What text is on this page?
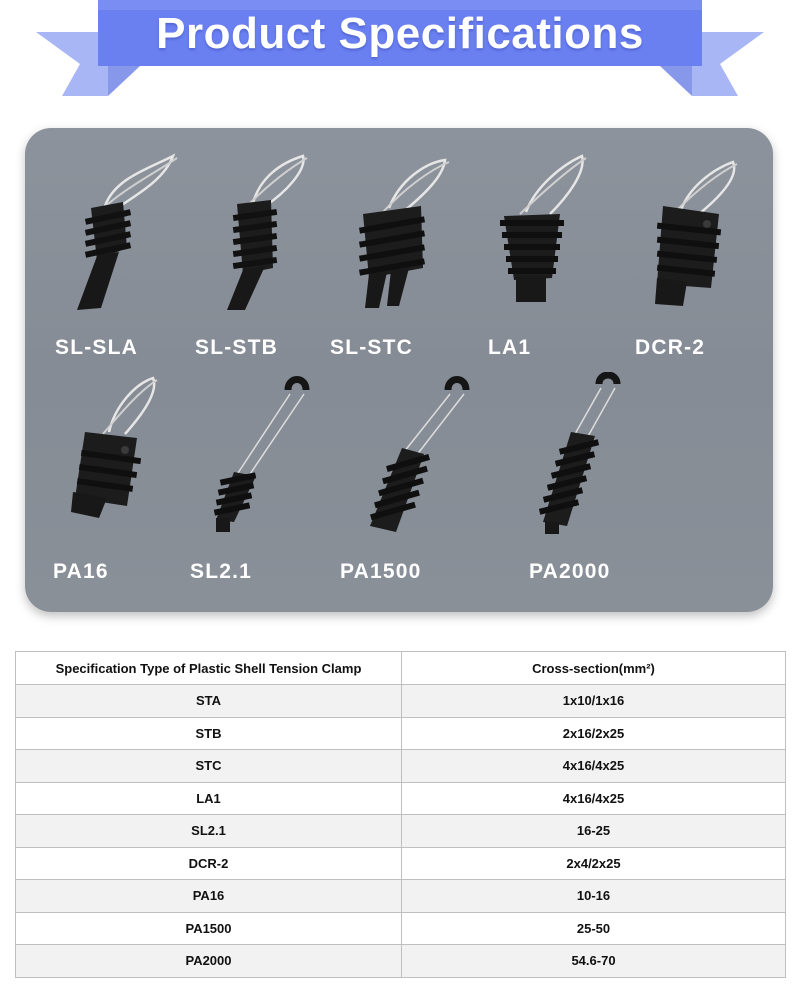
Product Specifications
SL-SLA	SL-STB SL-STC	LA1	DCR-2
PA16	SL2.1	PA1500	PA2000
Specification Type of Plastic Shell Tension Clamp	Cross-section(mm²)
STA	1x10/1x16
STB	2x16/2x25
STC	4x16/4x25
LA1	4x16/4x25
SL2.1	16-25
DCR-2	2x4/2x25
PA16	10-16
PA1500	25-50
PA2000	54.6-70
